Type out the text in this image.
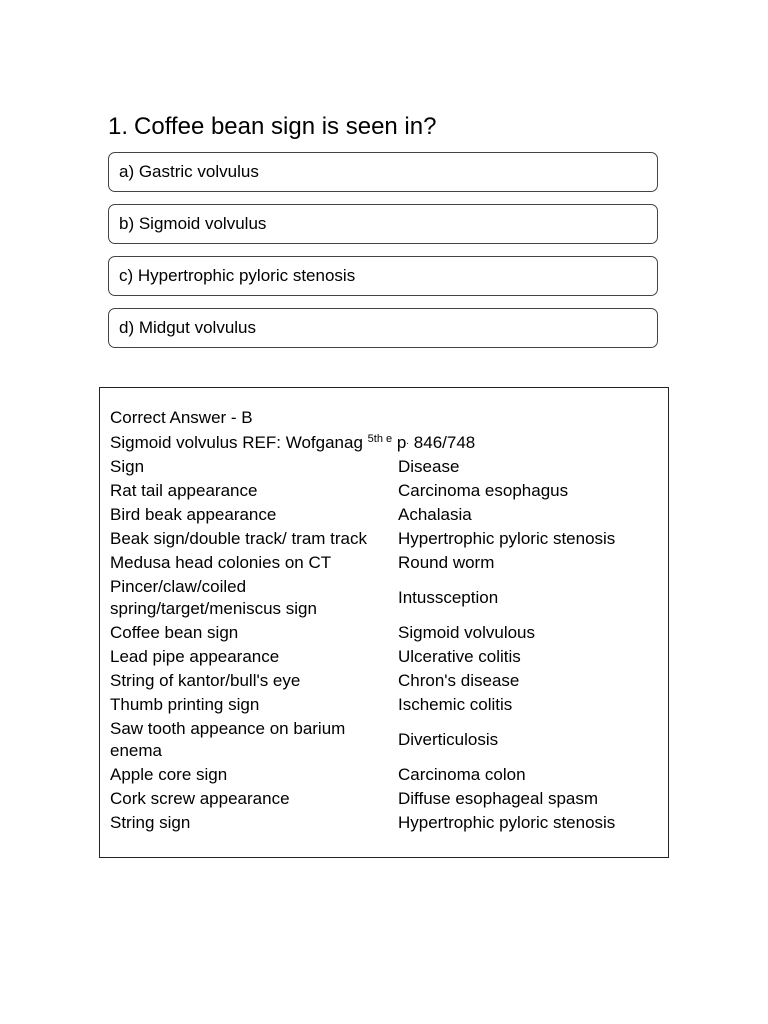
1. Coffee bean sign is seen in?
a) Gastric volvulus
b) Sigmoid volvulus
c) Hypertrophic pyloric stenosis
d) Midgut volvulus
Correct Answer - B
Sigmoid volvulus REF: Wofganag $^{5th e}$ p. 846/748
Sign	Disease
Rat tail appearance	Carcinoma esophagus
Bird beak appearance	Achalasia
Beak sign/double track/ tram track	Hypertrophic pyloric stenosis
Medusa head colonies on CT	Round worm
Pincer/claw/coiled spring/target/meniscus sign	Intussception
Coffee bean sign	Sigmoid volvulous
Lead pipe appearance	Ulcerative colitis
String of kantor/bull's eye	Chron's disease
Thumb printing sign	Ischemic colitis
Saw tooth appeance on barium enema	Diverticulosis
Apple core sign	Carcinoma colon
Cork screw appearance	Diffuse esophageal spasm
String sign	Hypertrophic pyloric stenosis
